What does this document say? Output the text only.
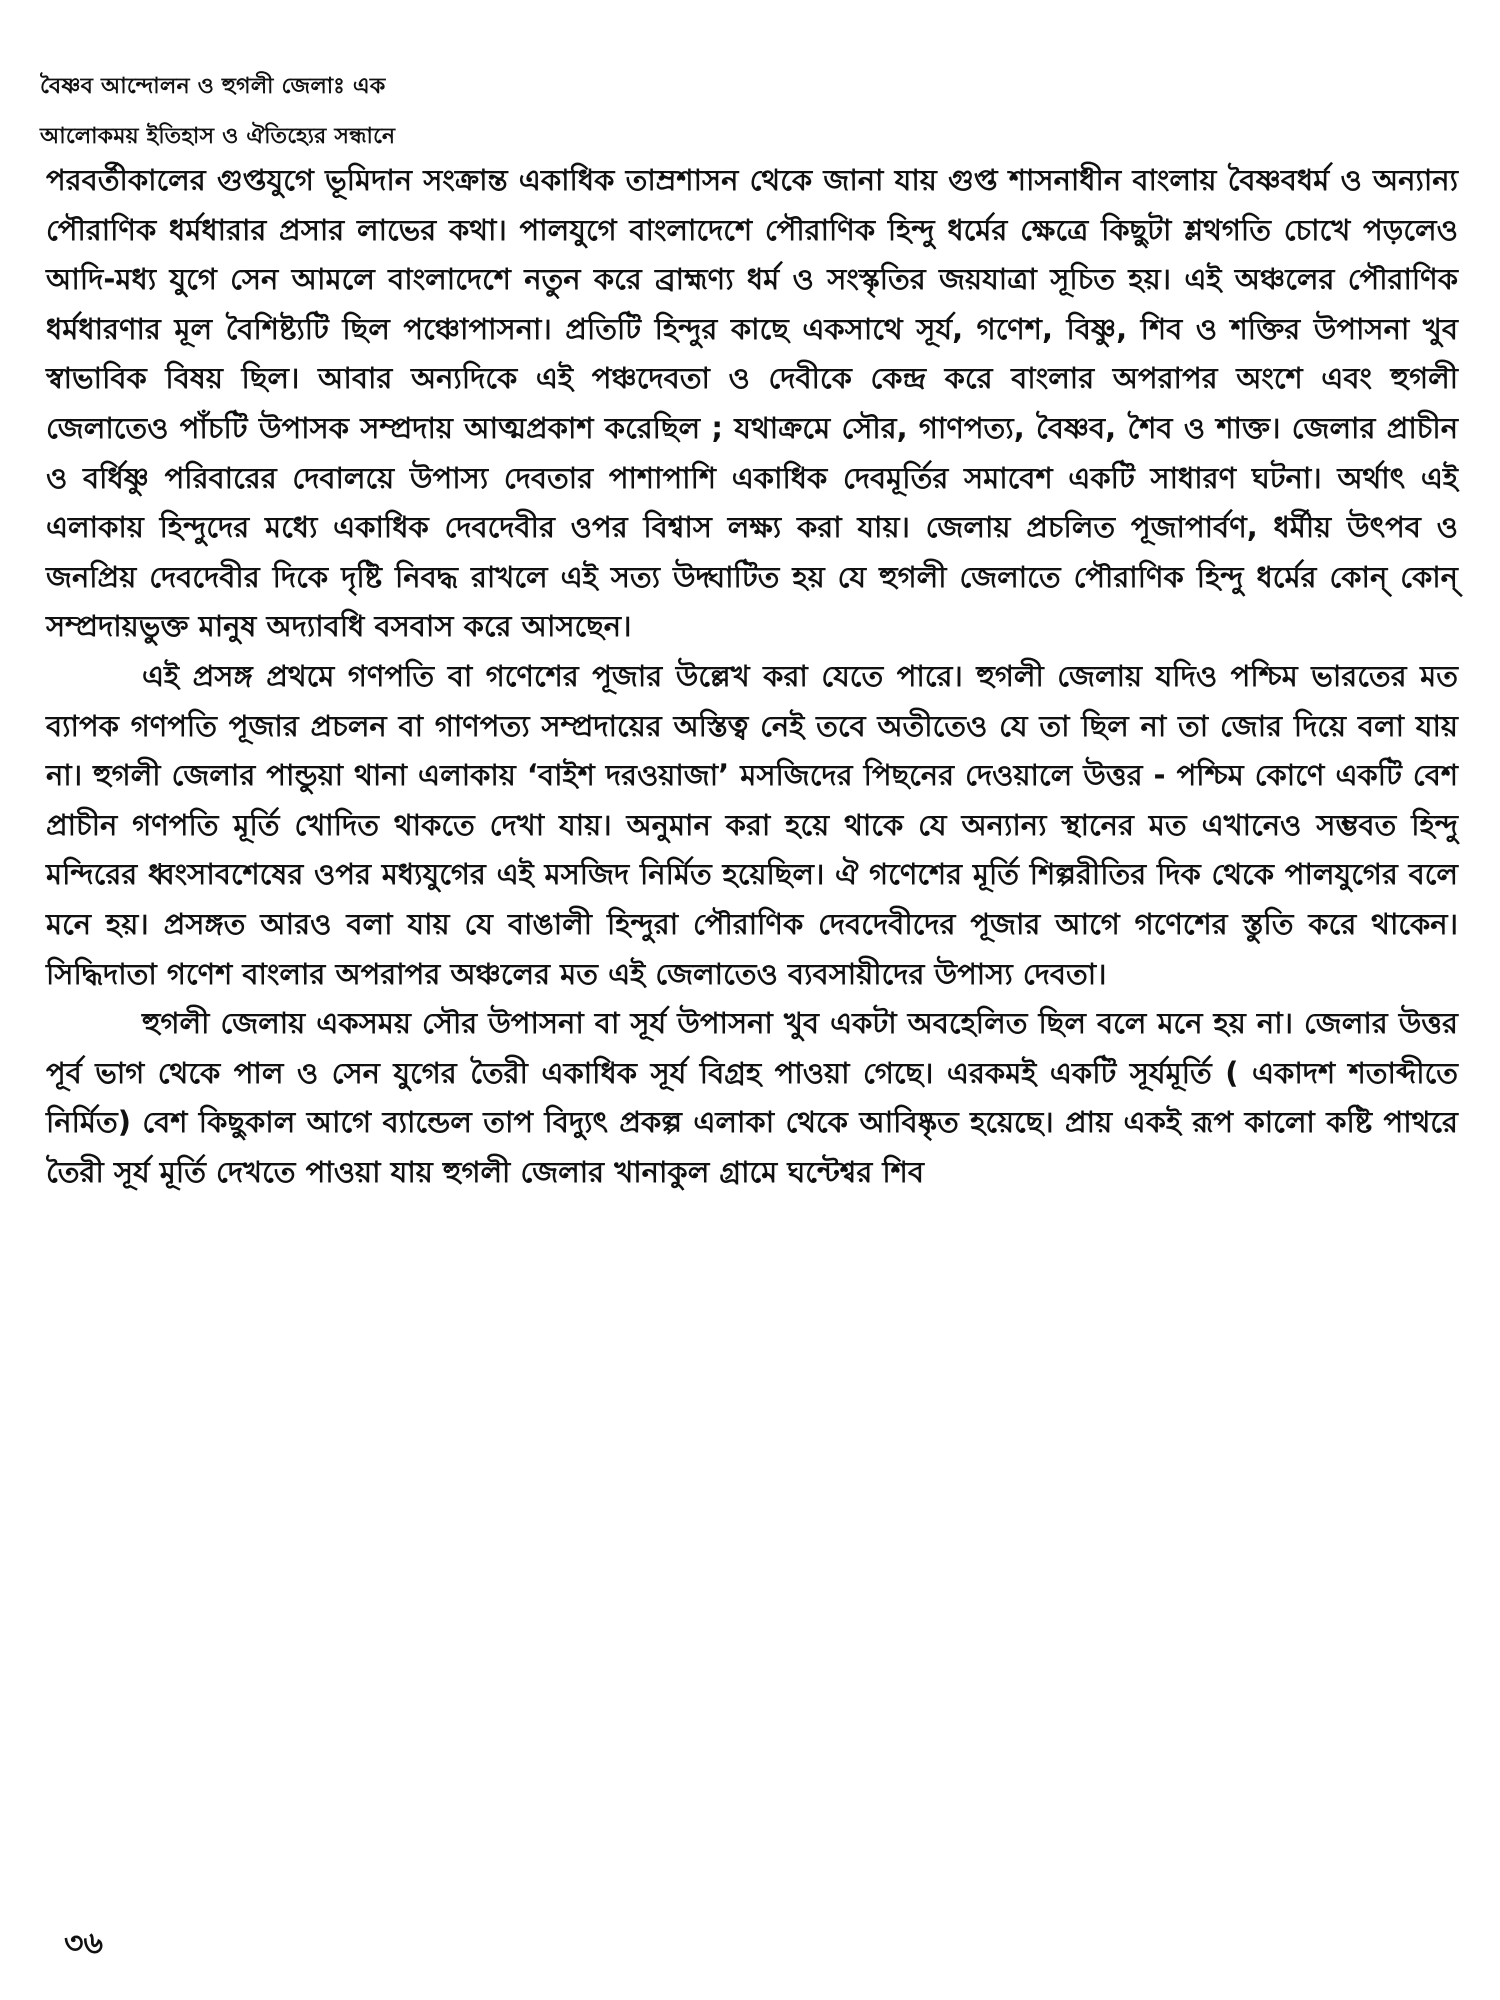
বৈষ্ণব আন্দোলন ও হুগলী জেলাঃ এক
আলোকময় ইতিহাস ও ঐতিহ্যের সন্ধানে

পরবর্তীকালের গুপ্তযুগে ভূমিদান সংক্রান্ত একাধিক তাম্রশাসন থেকে জানা যায় গুপ্ত শাসনাধীন বাংলায় বৈষ্ণবধর্ম ও অন্যান্য পৌরাণিক ধর্মধারার প্রসার লাভের কথা। পালযুগে বাংলাদেশে পৌরাণিক হিন্দু ধর্মের ক্ষেত্রে কিছুটা শ্লথগতি চোখে পড়লেও আদি-মধ্য যুগে সেন আমলে বাংলাদেশে নতুন করে ব্রাহ্মণ্য ধর্ম ও সংস্কৃতির জয়যাত্রা সূচিত হয়। এই অঞ্চলের পৌরাণিক ধর্মধারণার মূল বৈশিষ্ট্যটি ছিল পঞ্চোপাসনা। প্রতিটি হিন্দুর কাছে একসাথে সূর্য, গণেশ, বিষ্ণু, শিব ও শক্তির উপাসনা খুব স্বাভাবিক বিষয় ছিল। আবার অন্যদিকে এই পঞ্চদেবতা ও দেবীকে কেন্দ্র করে বাংলার অপরাপর অংশে এবং হুগলী জেলাতেও পাঁচটি উপাসক সম্প্রদায় আত্মপ্রকাশ করেছিল ; যথাক্রমে সৌর, গাণপত্য, বৈষ্ণব, শৈব ও শাক্ত। জেলার প্রাচীন ও বর্ধিষ্ণু পরিবারের দেবালয়ে উপাস্য দেবতার পাশাপাশি একাধিক দেবমূর্তির সমাবেশ একটি সাধারণ ঘটনা। অর্থাৎ এই এলাকায় হিন্দুদের মধ্যে একাধিক দেবদেবীর ওপর বিশ্বাস লক্ষ্য করা যায়। জেলায় প্রচলিত পূজাপার্বণ, ধর্মীয় উৎপব ও জনপ্রিয় দেবদেবীর দিকে দৃষ্টি নিবদ্ধ রাখলে এই সত্য উদ্ঘাটিত হয় যে হুগলী জেলাতে পৌরাণিক হিন্দু ধর্মের কোন্ কোন্ সম্প্রদায়ভুক্ত মানুষ অদ্যাবধি বসবাস করে আসছেন।

এই প্রসঙ্গ প্রথমে গণপতি বা গণেশের পূজার উল্লেখ করা যেতে পারে। হুগলী জেলায় যদিও পশ্চিম ভারতের মত ব্যাপক গণপতি পূজার প্রচলন বা গাণপত্য সম্প্রদায়ের অস্তিত্ব নেই তবে অতীতেও যে তা ছিল না তা জোর দিয়ে বলা যায় না। হুগলী জেলার পান্ডুয়া থানা এলাকায় ‘বাইশ দরওয়াজা’ মসজিদের পিছনের দেওয়ালে উত্তর - পশ্চিম কোণে একটি বেশ প্রাচীন গণপতি মূর্তি খোদিত থাকতে দেখা যায়। অনুমান করা হয়ে থাকে যে অন্যান্য স্থানের মত এখানেও সম্ভবত হিন্দু মন্দিরের ধ্বংসাবশেষের ওপর মধ্যযুগের এই মসজিদ নির্মিত হয়েছিল। ঐ গণেশের মূর্তি শিল্পরীতির দিক থেকে পালযুগের বলে মনে হয়। প্রসঙ্গত আরও বলা যায় যে বাঙালী হিন্দুরা পৌরাণিক দেবদেবীদের পূজার আগে গণেশের স্তুতি করে থাকেন। সিদ্ধিদাতা গণেশ বাংলার অপরাপর অঞ্চলের মত এই জেলাতেও ব্যবসায়ীদের উপাস্য দেবতা।

হুগলী জেলায় একসময় সৌর উপাসনা বা সূর্য উপাসনা খুব একটা অবহেলিত ছিল বলে মনে হয় না। জেলার উত্তর পূর্ব ভাগ থেকে পাল ও সেন যুগের তৈরী একাধিক সূর্য বিগ্রহ পাওয়া গেছে। এরকমই একটি সূর্যমূর্তি ( একাদশ শতাব্দীতে নির্মিত) বেশ কিছুকাল আগে ব্যান্ডেল তাপ বিদ্যুৎ প্রকল্প এলাকা থেকে আবিষ্কৃত হয়েছে। প্রায় একই রূপ কালো কষ্টি পাথরে তৈরী সূর্য মূর্তি দেখতে পাওয়া যায় হুগলী জেলার খানাকুল গ্রামে ঘন্টেশ্বর শিব

৩৬
